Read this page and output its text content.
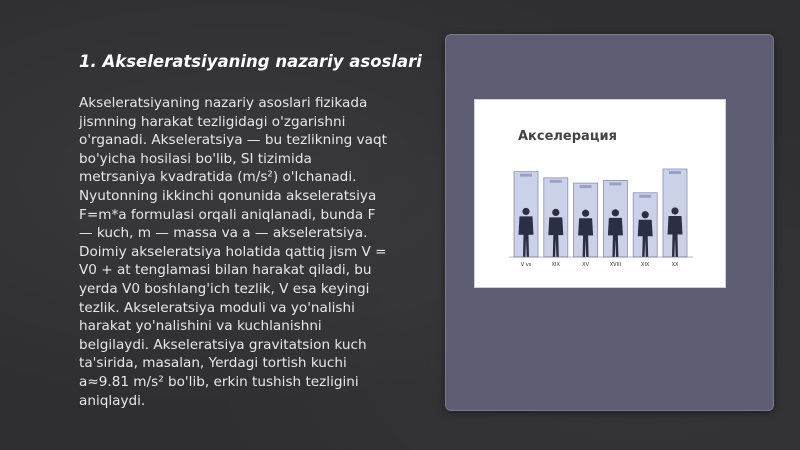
1. Akseleratsiyaning nazariy asoslari
Akseleratsiyaning nazariy asoslari fizikada
jismning harakat tezligidagi o'zgarishni
o'rganadi. Akseleratsiya — bu tezlikning vaqt
bo'yicha hosilasi bo'lib, SI tizimida
metrsaniya kvadratida (m/s²) o'lchanadi.
Nyutonning ikkinchi qonunida akseleratsiya
F=m*a formulasi orqali aniqlanadi, bunda F
— kuch, m — massa va a — akseleratsiya.
Doimiy akseleratsiya holatida qattiq jism V =
V0 + at tenglamasi bilan harakat qiladi, bu
yerda V0 boshlang'ich tezlik, V esa keyingi
tezlik. Akseleratsiya moduli va yo'nalishi
harakat yo'nalishini va kuchlanishni
belgilaydi. Akseleratsiya gravitatsion kuch
ta'sirida, masalan, Yerdagi tortish kuchi
a≈9.81 m/s² bo'lib, erkin tushish tezligini
aniqlaydi.

Акселерация

V vs	XIX	XV	XVIII	XIX	XX
